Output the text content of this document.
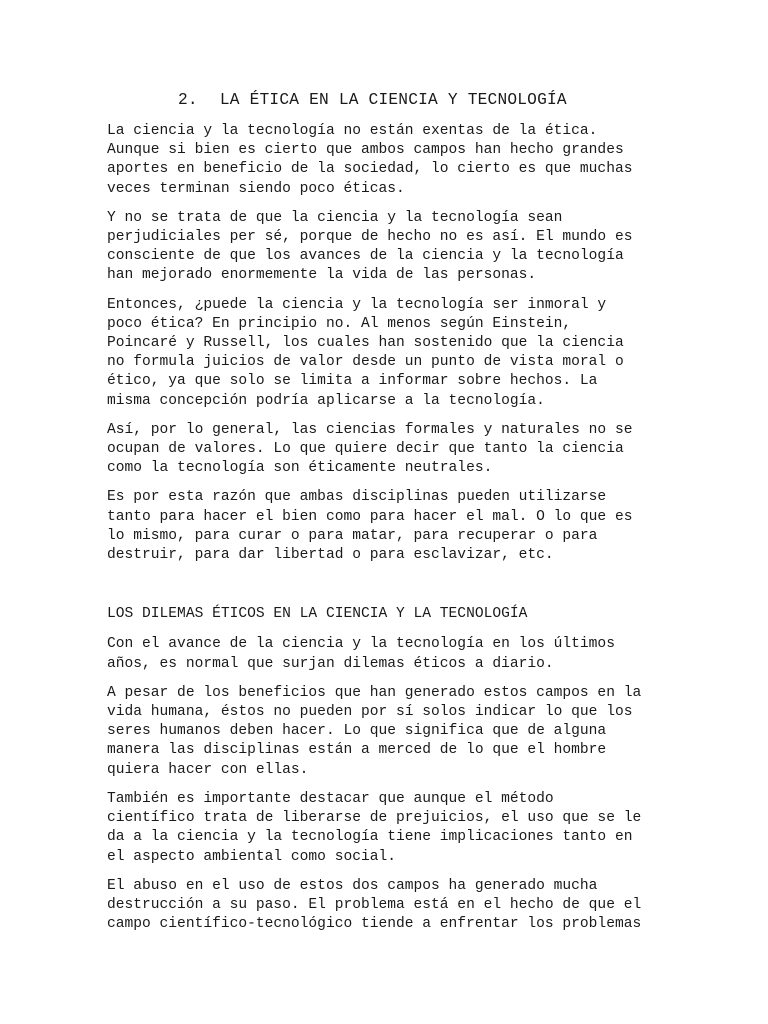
2. LA ÉTICA EN LA CIENCIA Y TECNOLOGÍA

La ciencia y la tecnología no están exentas de la ética.
Aunque si bien es cierto que ambos campos han hecho grandes
aportes en beneficio de la sociedad, lo cierto es que muchas
veces terminan siendo poco éticas.

Y no se trata de que la ciencia y la tecnología sean
perjudiciales per sé, porque de hecho no es así. El mundo es
consciente de que los avances de la ciencia y la tecnología
han mejorado enormemente la vida de las personas.

Entonces, ¿puede la ciencia y la tecnología ser inmoral y
poco ética? En principio no. Al menos según Einstein,
Poincaré y Russell, los cuales han sostenido que la ciencia
no formula juicios de valor desde un punto de vista moral o
ético, ya que solo se limita a informar sobre hechos. La
misma concepción podría aplicarse a la tecnología.

Así, por lo general, las ciencias formales y naturales no se
ocupan de valores. Lo que quiere decir que tanto la ciencia
como la tecnología son éticamente neutrales.

Es por esta razón que ambas disciplinas pueden utilizarse
tanto para hacer el bien como para hacer el mal. O lo que es
lo mismo, para curar o para matar, para recuperar o para
destruir, para dar libertad o para esclavizar, etc.

LOS DILEMAS ÉTICOS EN LA CIENCIA Y LA TECNOLOGÍA

Con el avance de la ciencia y la tecnología en los últimos
años, es normal que surjan dilemas éticos a diario.

A pesar de los beneficios que han generado estos campos en la
vida humana, éstos no pueden por sí solos indicar lo que los
seres humanos deben hacer. Lo que significa que de alguna
manera las disciplinas están a merced de lo que el hombre
quiera hacer con ellas.

También es importante destacar que aunque el método
científico trata de liberarse de prejuicios, el uso que se le
da a la ciencia y la tecnología tiene implicaciones tanto en
el aspecto ambiental como social.

El abuso en el uso de estos dos campos ha generado mucha
destrucción a su paso. El problema está en el hecho de que el
campo científico-tecnológico tiende a enfrentar los problemas
